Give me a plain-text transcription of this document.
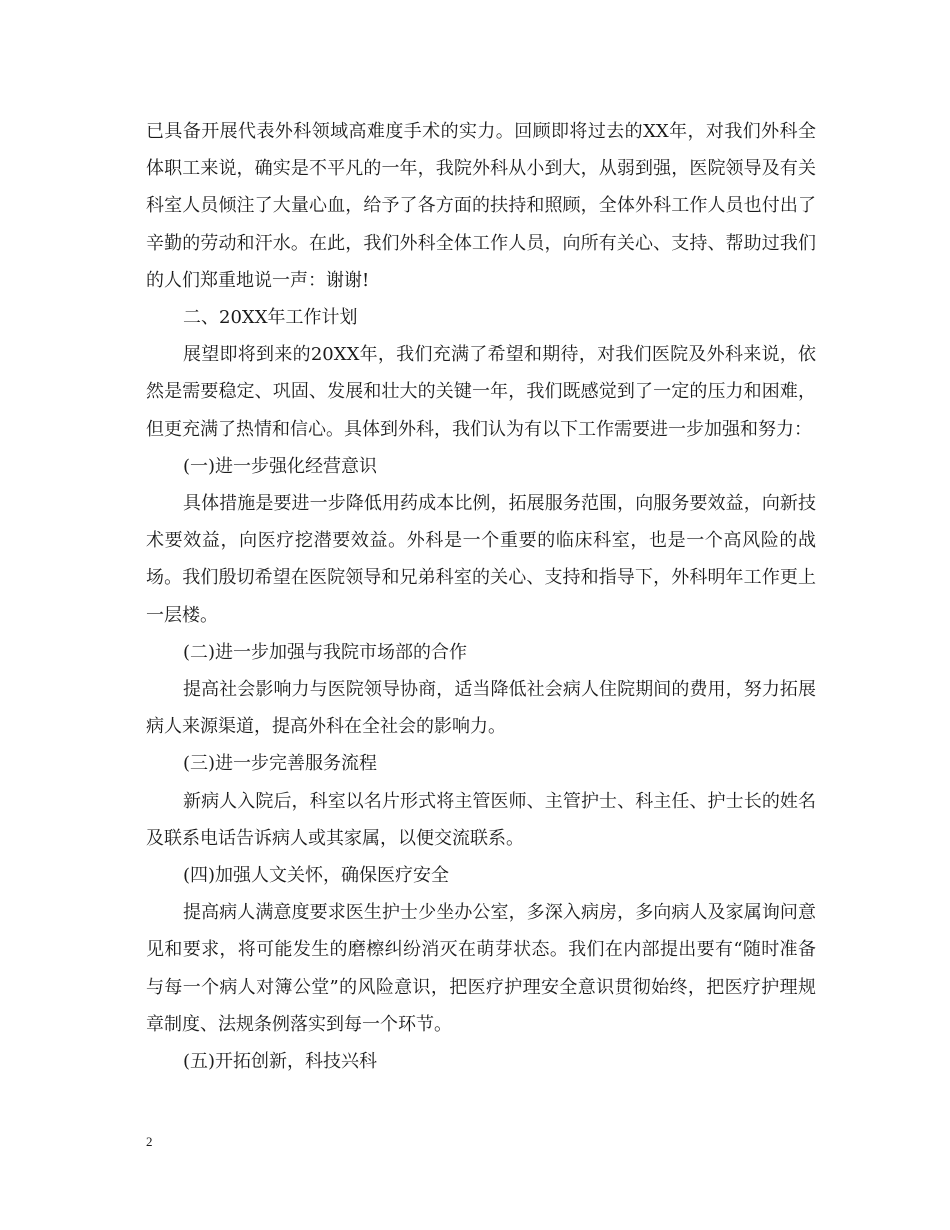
已具备开展代表外科领域高难度手术的实力。回顾即将过去的XX年，对我们外科全体职工来说，确实是不平凡的一年，我院外科从小到大，从弱到强，医院领导及有关科室人员倾注了大量心血，给予了各方面的扶持和照顾，全体外科工作人员也付出了辛勤的劳动和汗水。在此，我们外科全体工作人员，向所有关心、支持、帮助过我们的人们郑重地说一声：谢谢!

二、20XX年工作计划

展望即将到来的20XX年，我们充满了希望和期待，对我们医院及外科来说，依然是需要稳定、巩固、发展和壮大的关键一年，我们既感觉到了一定的压力和困难，但更充满了热情和信心。具体到外科，我们认为有以下工作需要进一步加强和努力：

(一)进一步强化经营意识

具体措施是要进一步降低用药成本比例，拓展服务范围，向服务要效益，向新技术要效益，向医疗挖潜要效益。外科是一个重要的临床科室，也是一个高风险的战场。我们殷切希望在医院领导和兄弟科室的关心、支持和指导下，外科明年工作更上一层楼。

(二)进一步加强与我院市场部的合作

提高社会影响力与医院领导协商，适当降低社会病人住院期间的费用，努力拓展病人来源渠道，提高外科在全社会的影响力。

(三)进一步完善服务流程

新病人入院后，科室以名片形式将主管医师、主管护士、科主任、护士长的姓名及联系电话告诉病人或其家属，以便交流联系。

(四)加强人文关怀，确保医疗安全

提高病人满意度要求医生护士少坐办公室，多深入病房，多向病人及家属询问意见和要求，将可能发生的磨檫纠纷消灭在萌芽状态。我们在内部提出要有“随时准备与每一个病人对簿公堂”的风险意识，把医疗护理安全意识贯彻始终，把医疗护理规章制度、法规条例落实到每一个环节。

(五)开拓创新，科技兴科

2
